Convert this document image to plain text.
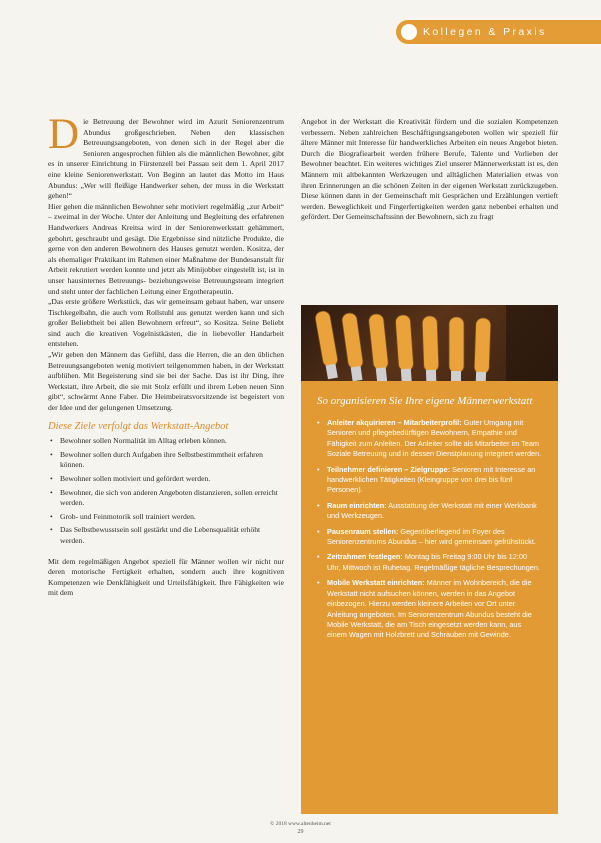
Kollegen & Praxis

D ie Betreuung der Bewohner wird im Azurit Seniorenzentrum Abundus großgeschrieben. Neben den klassischen Betreuungsangeboten, von denen sich in der Regel aber die Senioren angesprochen fühlen als die männlichen Bewohner, gibt es in unserer Einrichtung in Fürstenzell bei Passau seit dem 1. April 2017 eine kleine Seniorenwerkstatt. Von Beginn an lautet das Motto im Haus Abundus: „Wer will fleißige Handwerker sehen, der muss in die Werkstatt gehen!“

Hier gehen die männlichen Bewohner sehr motiviert regelmäßig „zur Arbeit“ – zweimal in der Woche. Unter der Anleitung und Begleitung des erfahrenen Handwerkers Andreas Kreitsa wird in der Seniorenwerkstatt gehämmert, gebohrt, geschraubt und gesägt. Die Ergebnisse sind nützliche Produkte, die gerne von den anderen Bewohnern des Hauses genutzt werden. Kositza, der als ehemaliger Praktikant im Rahmen einer Maßnahme der Bundesanstalt für Arbeit rekrutiert werden konnte und jetzt als Minijobber eingestellt ist, ist in unser hausinternes Betreuungs- beziehungsweise Betreuungsteam integriert und steht unter der fachlichen Leitung einer Ergotherapeutin.

„Das erste größere Werkstück, das wir gemeinsam gebaut haben, war unsere Tischkegelbahn, die auch vom Rollstuhl aus genutzt werden kann und sich großer Beliebtheit bei allen Bewohnern erfreut“, so Kositza. Seine Beliebt sind auch die kreativen Vogelnistkästen, die in liebevoller Handarbeit entstehen.

„Wir geben den Männern das Gefühl, dass die Herren, die an den üblichen Betreuungsangeboten wenig motiviert teilgenommen haben, in der Werkstatt aufblühen. Mit Begeisterung sind sie bei der Sache. Das ist ihr Ding, ihre Werkstatt, ihre Arbeit, die sie mit Stolz erfüllt und ihrem Leben neuen Sinn gibt“, schwärmt Anne Faber. Die Heimbeiratsvorsitzende ist begeistert von der Idee und der gelungenen Umsetzung.

Diese Ziele verfolgt das Werkstatt-Angebot
• Bewohner sollen Normalität im Alltag erleben können.
• Bewohner sollen durch Aufgaben ihre Selbstbestimmtheit erfahren können.
• Bewohner sollen motiviert und gefördert werden.
• Bewohner, die sich von anderen Angeboten distanzieren, sollen erreicht werden.
• Grob- und Feinmotorik soll trainiert werden.
• Das Selbstbewusstsein soll gestärkt und die Lebensqualität erhöht werden.

Mit dem regelmäßigen Angebot speziell für Männer wollen wir nicht nur deren motorische Fertigkeit erhalten, sondern auch ihre kognitiven Kompetenzen wie Denkfähigkeit und Urteilsfähigkeit. Ihre Fähigkeiten wie mit dem

Angebot in der Werkstatt die Kreativität fördern und die sozialen Kompetenzen verbessern. Neben zahlreichen Beschäftigungsangeboten wollen wir speziell für ältere Männer mit Interesse für handwerkliches Arbeiten ein neues Angebot bieten. Durch die Biografiearbeit werden frühere Berufe, Talente und Vorlieben der Bewohner beachtet. Ein weiteres wichtiges Ziel unserer Männerwerkstatt ist es, den Männern mit altbekannten Werkzeugen und alltäglichen Materialien etwas von ihren Erinnerungen an die schönen Zeiten in der eigenen Werkstatt zurückzugeben. Diese können dann in der Gemeinschaft mit Gesprächen und Erzählungen vertieft werden. Beweglichkeit und Fingerfertigkeiten werden ganz nebenbei erhalten und gefördert. Der Gemeinschaftssinn der Bewohnern, sich zu fragt

So organisieren Sie Ihre eigene Männerwerkstatt
• Anleiter akquirieren – Mitarbeiterprofil: Guter Umgang mit Senioren und pflegebedürftigen Bewohnern, Empathie und Fähigkeit zum Anleiten. Der Anleiter sollte als Mitarbeiter im Team Soziale Betreuung und in dessen Dienstplanung integriert werden.
• Teilnehmer definieren – Zielgruppe: Senioren mit Interesse an handwerklichen Tätigkeiten (Kleingruppe von drei bis fünf Personen).
• Raum einrichten: Ausstattung der Werkstatt mit einer Werkbank und Werkzeugen.
• Pausenraum stellen: Gegenüberliegend im Foyer des Seniorenzentrums Abundus – hier wird gemeinsam gefrühstückt.
• Zeitrahmen festlegen: Montag bis Freitag 9:00 Uhr bis 12:00 Uhr, Mittwoch ist Ruhetag. Regelmäßige tägliche Besprechungen.
• Mobile Werkstatt einrichten: Männer im Wohnbereich, die die Werkstatt nicht aufsuchen können, werden in das Angebot einbezogen. Hierzu werden kleinere Arbeiten vor Ort unter Anleitung angeboten. Im Seniorenzentrum Abundus besteht die Mobile Werkstatt, die am Tisch eingesetzt werden kann, aus einem Wagen mit Holzbrett und Schrauben mit Gewinde.
© 2018 www.altenheim.net
29
